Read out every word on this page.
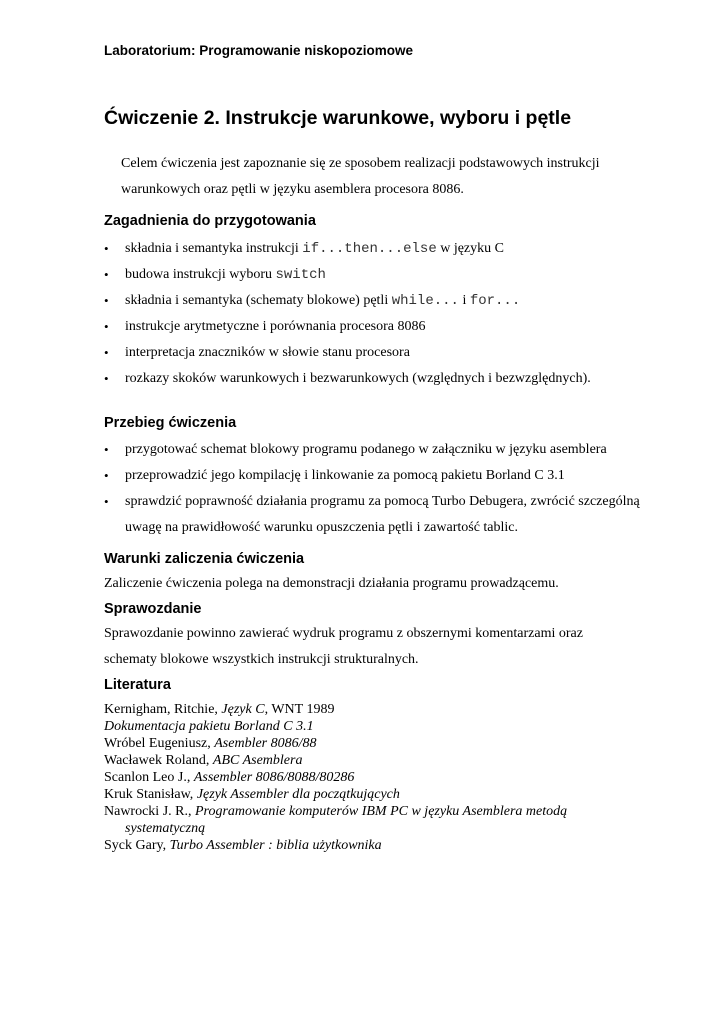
Laboratorium: Programowanie niskopoziomowe
Ćwiczenie 2. Instrukcje warunkowe, wyboru i pętle
Celem ćwiczenia jest zapoznanie się ze sposobem realizacji podstawowych instrukcji warunkowych oraz pętli w języku asemblera procesora 8086.
Zagadnienia do przygotowania
• składnia i semantyka instrukcji if...then...else w języku C
• budowa instrukcji wyboru switch
• składnia i semantyka (schematy blokowe) pętli while... i for...
• instrukcje arytmetyczne i porównania procesora 8086
• interpretacja znaczników w słowie stanu procesora
• rozkazy skoków warunkowych i bezwarunkowych (względnych i bezwzględnych).
Przebieg ćwiczenia
• przygotować schemat blokowy programu podanego w załączniku w języku asemblera
• przeprowadzić jego kompilację i linkowanie za pomocą pakietu Borland C 3.1
• sprawdzić poprawność działania programu za pomocą Turbo Debugera, zwrócić szczególną uwagę na prawidłowość warunku opuszczenia pętli i zawartość tablic.
Warunki zaliczenia ćwiczenia
Zaliczenie ćwiczenia polega na demonstracji działania programu prowadzącemu.
Sprawozdanie
Sprawozdanie powinno zawierać wydruk programu z obszernymi komentarzami oraz schematy blokowe wszystkich instrukcji strukturalnych.
Literatura
Kernigham, Ritchie, Język C, WNT 1989
Dokumentacja pakietu Borland C 3.1
Wróbel Eugeniusz, Asembler 8086/88
Wacławek Roland, ABC Asemblera
Scanlon Leo J., Assembler 8086/8088/80286
Kruk Stanisław, Język Assembler dla początkujących
Nawrocki J. R., Programowanie komputerów IBM PC w języku Asemblera metodą
systematyczną
Syck Gary, Turbo Assembler : biblia użytkownika
